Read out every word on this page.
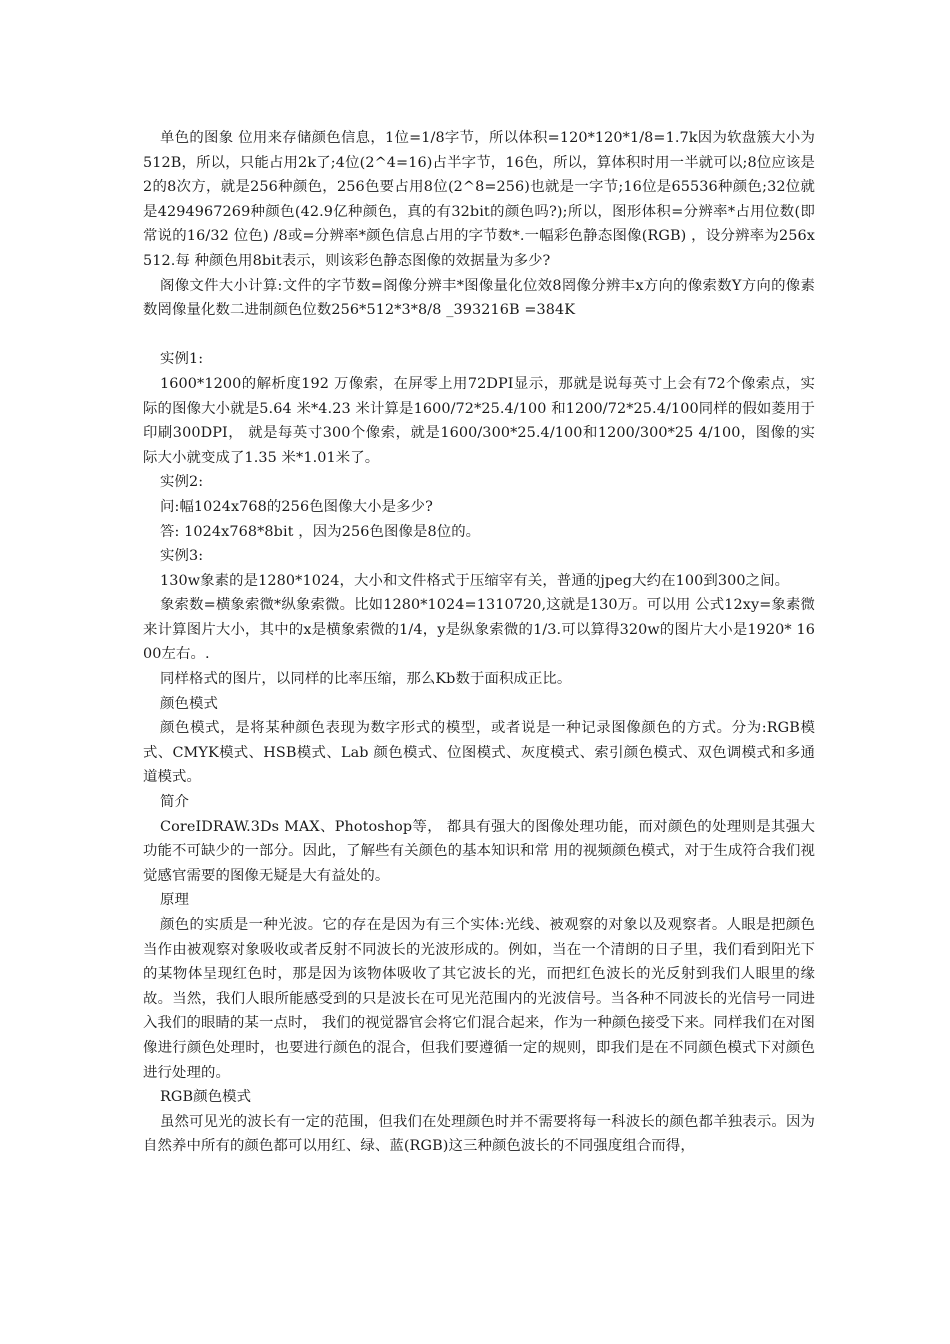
单色的图象 位用来存储颜色信息，1位=1/8字节，所以体积=120*120*1/8=1.7k因为软盘簇大小为512B，所以，只能占用2k了;4位(2^4=16)占半字节，16色，所以，算体积时用一半就可以;8位应该是2的8次方，就是256种颜色，256色要占用8位(2^8=256)也就是一字节;16位是65536种颜色;32位就是4294967269种颜色(42.9亿种颜色，真的有32bit的颜色吗?);所以，图形体积=分辨率*占用位数(即常说的16/32 位色) /8或=分辨率*颜色信息占用的字节数*.一幅彩色静态图像(RGB) ，设分辨率为256x512.每 种颜色用8bit表示，则该彩色静态图像的效据量为多少?

阁像文件大小计算:文件的字节数=阁像分辨丰*图像量化位效8罔像分辨丰x方向的像索数Y方向的像素数罔像量化数二进制颜色位数256*512*3*8/8 _393216B =384K

实例1:

1600*1200的解析度192 万像索，在屏零上用72DPI显示，那就是说每英寸上会有72个像索点，实际的图像大小就是5.64 米*4.23 米计算是1600/72*25.4/100 和1200/72*25.4/100同样的假如菱用于印刷300DPI， 就是每英寸300个像索，就是1600/300*25.4/100和1200/300*25 4/100，图像的实际大小就变成了1.35 米*1.01米了。

实例2:

问:幅1024x768的256色图像大小是多少?

答: 1024x768*8bit ，因为256色图像是8位的。

实例3:

130w象素的是1280*1024，大小和文件格式于压缩宰有关，普通的jpeg大约在100到300之间。

象索数=横象索微*纵象索微。比如1280*1024=1310720,这就是130万。可以用 公式12xy=象素微来计算图片大小，其中的x是横象索微的1/4，y是纵象索微的1/3.可以算得320w的图片大小是1920* 1600左右。.

同样格式的图片，以同样的比率压缩，那么Kb数于面积成正比。

颜色模式

颜色模式，是将某种颜色表现为数字形式的模型，或者说是一种记录图像颜色的方式。分为:RGB模式、CMYK模式、HSB模式、Lab 颜色模式、位图模式、灰度模式、索引颜色模式、双色调模式和多通道模式。

简介

CoreIDRAW.3Ds MAX、Photoshop等， 都具有强大的图像处理功能，而对颜色的处理则是其强大功能不可缺少的一部分。因此，了解些有关颜色的基本知识和常 用的视频颜色模式，对于生成符合我们视觉感官需要的图像无疑是大有益处的。

原理

颜色的实质是一种光波。它的存在是因为有三个实体:光线、被观察的对象以及观察者。人眼是把颜色当作由被观察对象吸收或者反射不同波长的光波形成的。例如，当在一个清朗的日子里，我们看到阳光下的某物体呈现红色时，那是因为该物体吸收了其它波长的光，而把红色波长的光反射到我们人眼里的缘故。当然，我们人眼所能感受到的只是波长在可见光范围内的光波信号。当各种不同波长的光信号一同进入我们的眼睛的某一点时， 我们的视觉器官会将它们混合起来，作为一种颜色接受下来。同样我们在对图像进行颜色处理时，也要进行颜色的混合，但我们要遵循一定的规则，即我们是在不同颜色模式下对颜色进行处理的。

RGB颜色模式

虽然可见光的波长有一定的范围，但我们在处理颜色时并不需要将每一科波长的颜色都羊独表示。因为自然养中所有的颜色都可以用红、绿、蓝(RGB)这三种颜色波长的不同强度组合而得，
